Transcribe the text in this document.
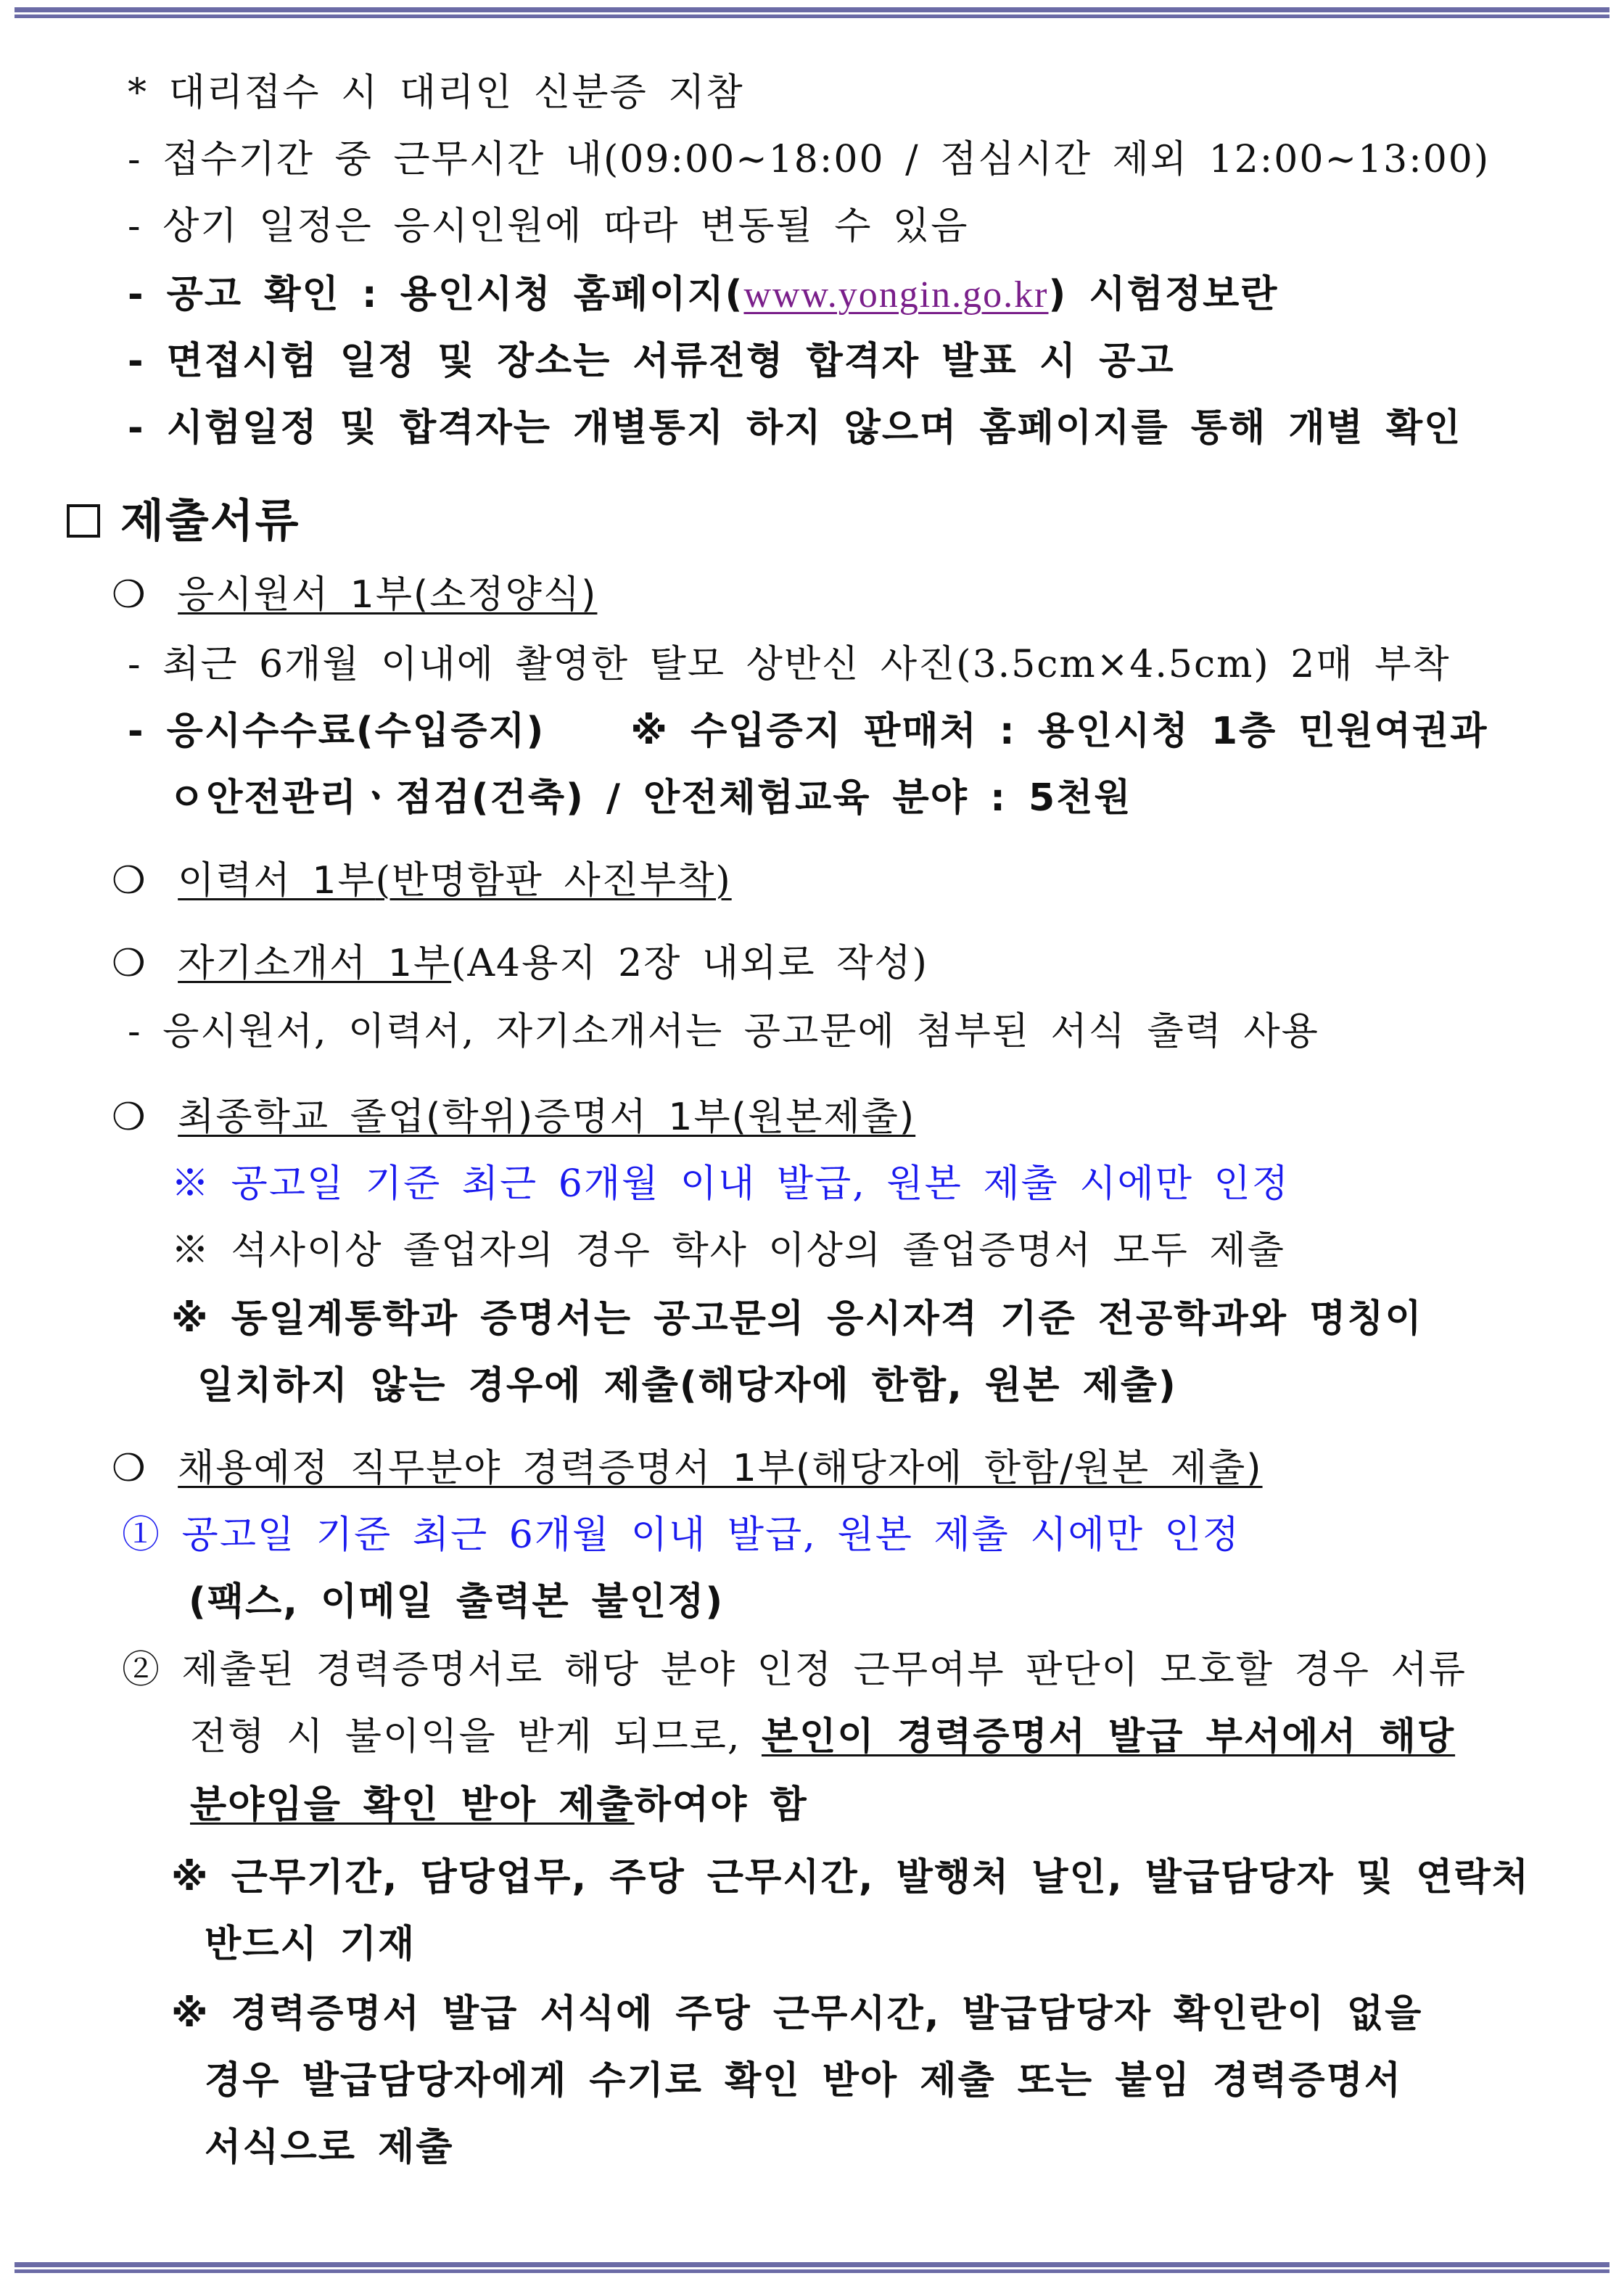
* 대리접수 시 대리인 신분증 지참
- 접수기간 중 근무시간 내(09:00~18:00 / 점심시간 제외 12:00~13:00)
- 상기 일정은 응시인원에 따라 변동될 수 있음
- 공고 확인 : 용인시청 홈페이지(www.yongin.go.kr) 시험정보란
- 면접시험 일정 및 장소는 서류전형 합격자 발표 시 공고
- 시험일정 및 합격자는 개별통지 하지 않으며 홈페이지를 통해 개별 확인
제출서류
❍ 응시원서 1부(소정양식)
- 최근 6개월 이내에 촬영한 탈모 상반신 사진(3.5cm×4.5cm) 2매 부착
- 응시수수료(수입증지) ※ 수입증지 판매처 : 용인시청 1층 민원여권과
ㅇ안전관리ㆍ점검(건축) / 안전체험교육 분야 : 5천원
❍ 이력서 1부(반명함판 사진부착)
❍ 자기소개서 1부(A4용지 2장 내외로 작성)
- 응시원서, 이력서, 자기소개서는 공고문에 첨부된 서식 출력 사용
❍ 최종학교 졸업(학위)증명서 1부(원본제출)
※ 공고일 기준 최근 6개월 이내 발급, 원본 제출 시에만 인정
※ 석사이상 졸업자의 경우 학사 이상의 졸업증명서 모두 제출
※ 동일계통학과 증명서는 공고문의 응시자격 기준 전공학과와 명칭이
일치하지 않는 경우에 제출(해당자에 한함, 원본 제출)
❍ 채용예정 직무분야 경력증명서 1부(해당자에 한함/원본 제출)
① 공고일 기준 최근 6개월 이내 발급, 원본 제출 시에만 인정
(팩스, 이메일 출력본 불인정)
② 제출된 경력증명서로 해당 분야 인정 근무여부 판단이 모호할 경우 서류
전형 시 불이익을 받게 되므로, 본인이 경력증명서 발급 부서에서 해당
분야임을 확인 받아 제출하여야 함
※ 근무기간, 담당업무, 주당 근무시간, 발행처 날인, 발급담당자 및 연락처
반드시 기재
※ 경력증명서 발급 서식에 주당 근무시간, 발급담당자 확인란이 없을
경우 발급담당자에게 수기로 확인 받아 제출 또는 붙임 경력증명서
서식으로 제출
